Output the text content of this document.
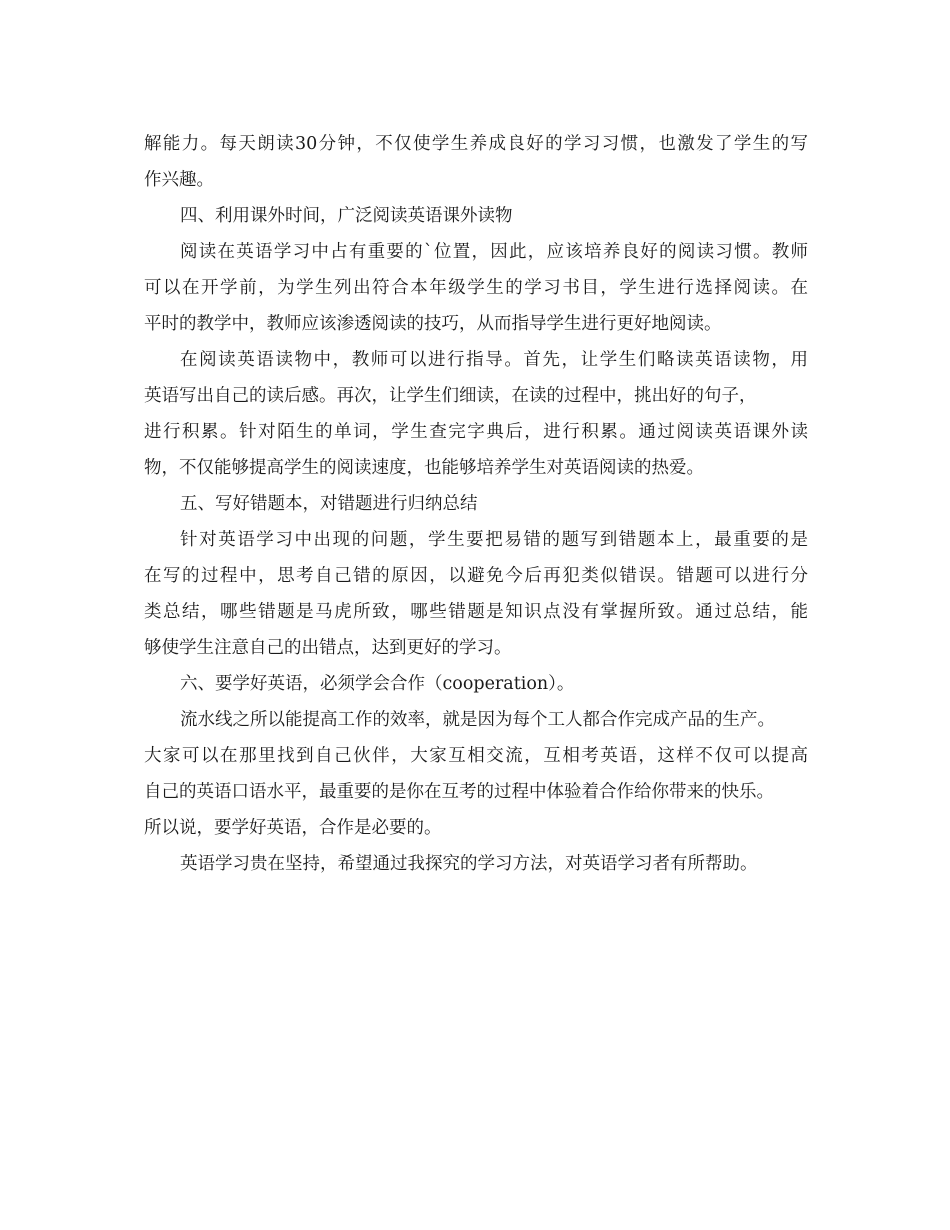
解能力。每天朗读30分钟，不仅使学生养成良好的学习习惯，也激发了学生的写
作兴趣。
四、利用课外时间，广泛阅读英语课外读物
阅读在英语学习中占有重要的`位置，因此，应该培养良好的阅读习惯。教师
可以在开学前，为学生列出符合本年级学生的学习书目，学生进行选择阅读。在
平时的教学中，教师应该渗透阅读的技巧，从而指导学生进行更好地阅读。
在阅读英语读物中，教师可以进行指导。首先，让学生们略读英语读物，用
英语写出自己的读后感。再次，让学生们细读，在读的过程中，挑出好的句子，
进行积累。针对陌生的单词，学生查完字典后，进行积累。通过阅读英语课外读
物，不仅能够提高学生的阅读速度，也能够培养学生对英语阅读的热爱。
五、写好错题本，对错题进行归纳总结
针对英语学习中出现的问题，学生要把易错的题写到错题本上，最重要的是
在写的过程中，思考自己错的原因，以避免今后再犯类似错误。错题可以进行分
类总结，哪些错题是马虎所致，哪些错题是知识点没有掌握所致。通过总结，能
够使学生注意自己的出错点，达到更好的学习。
六、要学好英语，必须学会合作（cooperation）。
流水线之所以能提高工作的效率，就是因为每个工人都合作完成产品的生产。
大家可以在那里找到自己伙伴，大家互相交流，互相考英语，这样不仅可以提高
自己的英语口语水平，最重要的是你在互考的过程中体验着合作给你带来的快乐。
所以说，要学好英语，合作是必要的。
英语学习贵在坚持，希望通过我探究的学习方法，对英语学习者有所帮助。
